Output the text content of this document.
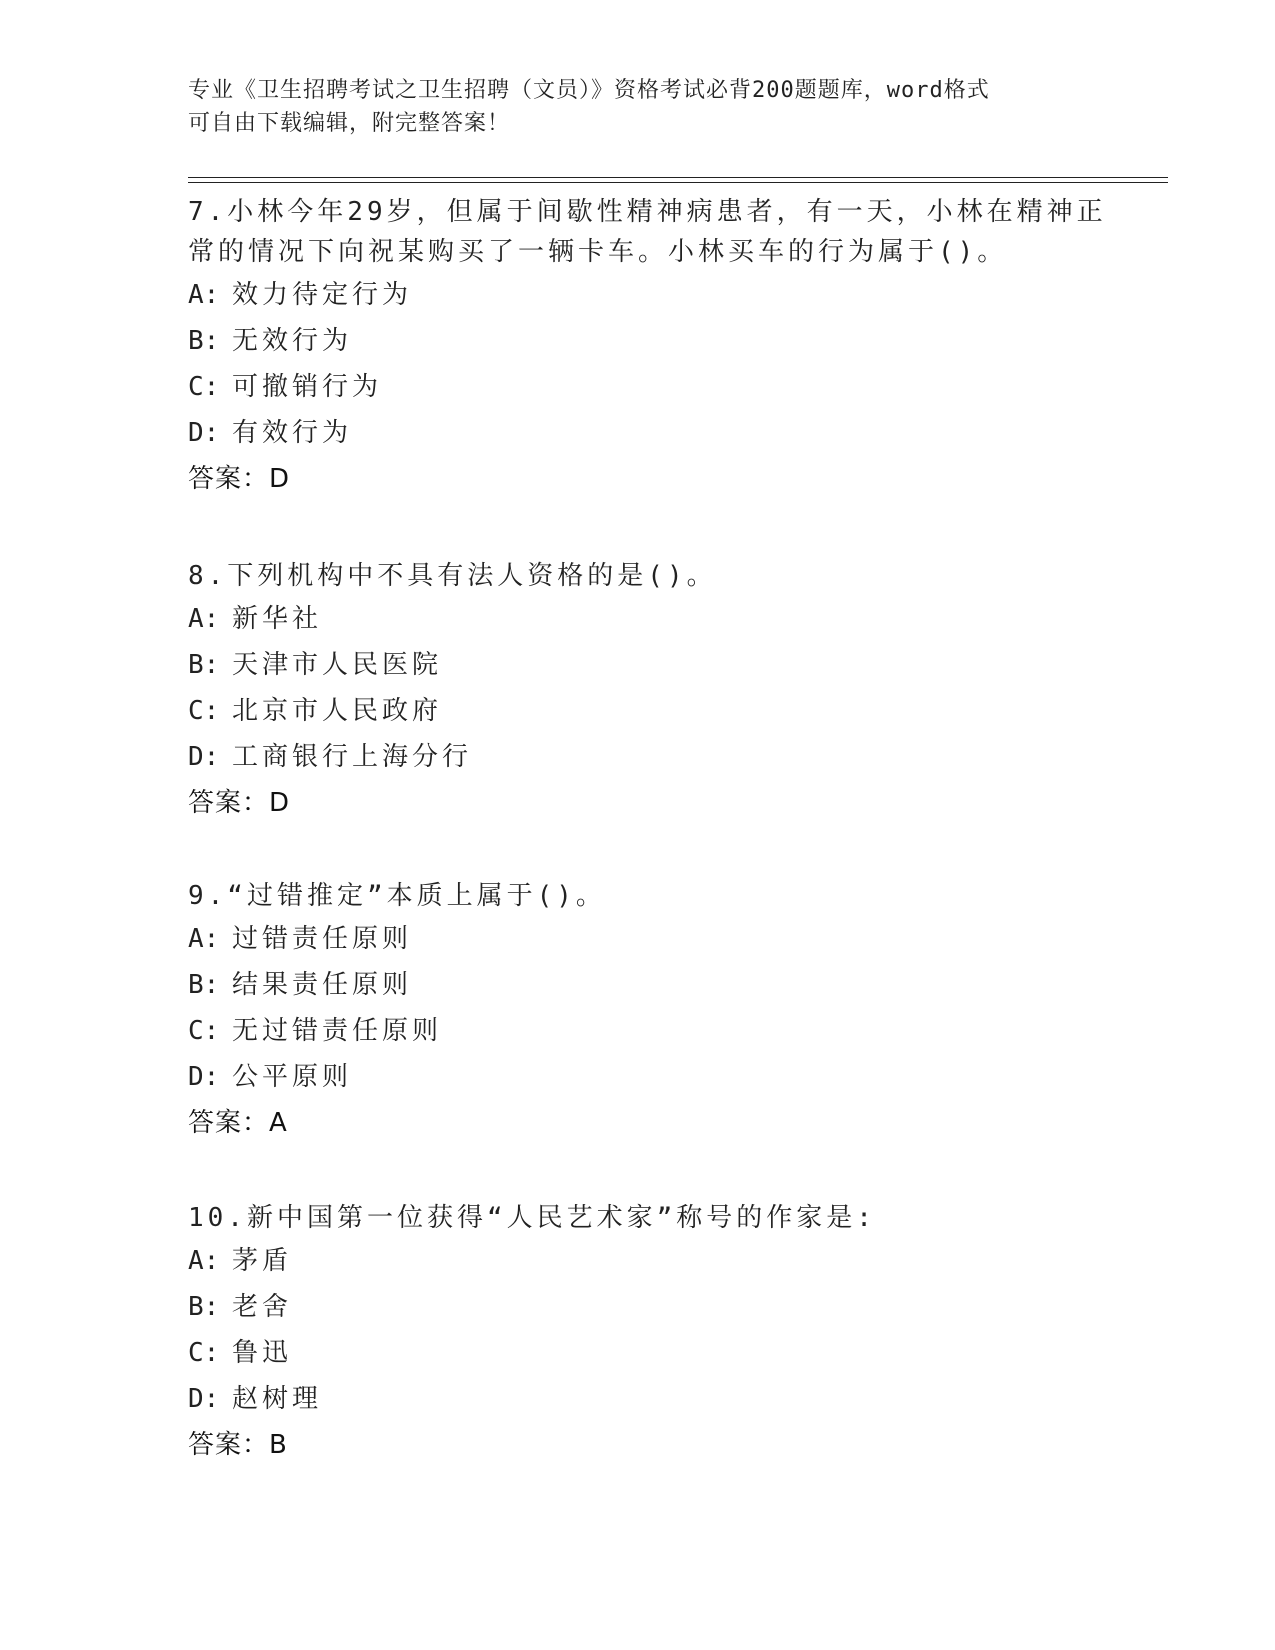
专业《卫生招聘考试之卫生招聘（文员）》资格考试必背200题题库，word格式
可自由下载编辑，附完整答案！
7.小林今年29岁，但属于间歇性精神病患者，有一天，小林在精神正
常的情况下向祝某购买了一辆卡车。小林买车的行为属于()。
A: 效力待定行为
B: 无效行为
C: 可撤销行为
D: 有效行为
答案：D
8.下列机构中不具有法人资格的是()。
A: 新华社
B: 天津市人民医院
C: 北京市人民政府
D: 工商银行上海分行
答案：D
9.“过错推定”本质上属于()。
A: 过错责任原则
B: 结果责任原则
C: 无过错责任原则
D: 公平原则
答案：A
10.新中国第一位获得“人民艺术家”称号的作家是:
A: 茅盾
B: 老舍
C: 鲁迅
D: 赵树理
答案：B
